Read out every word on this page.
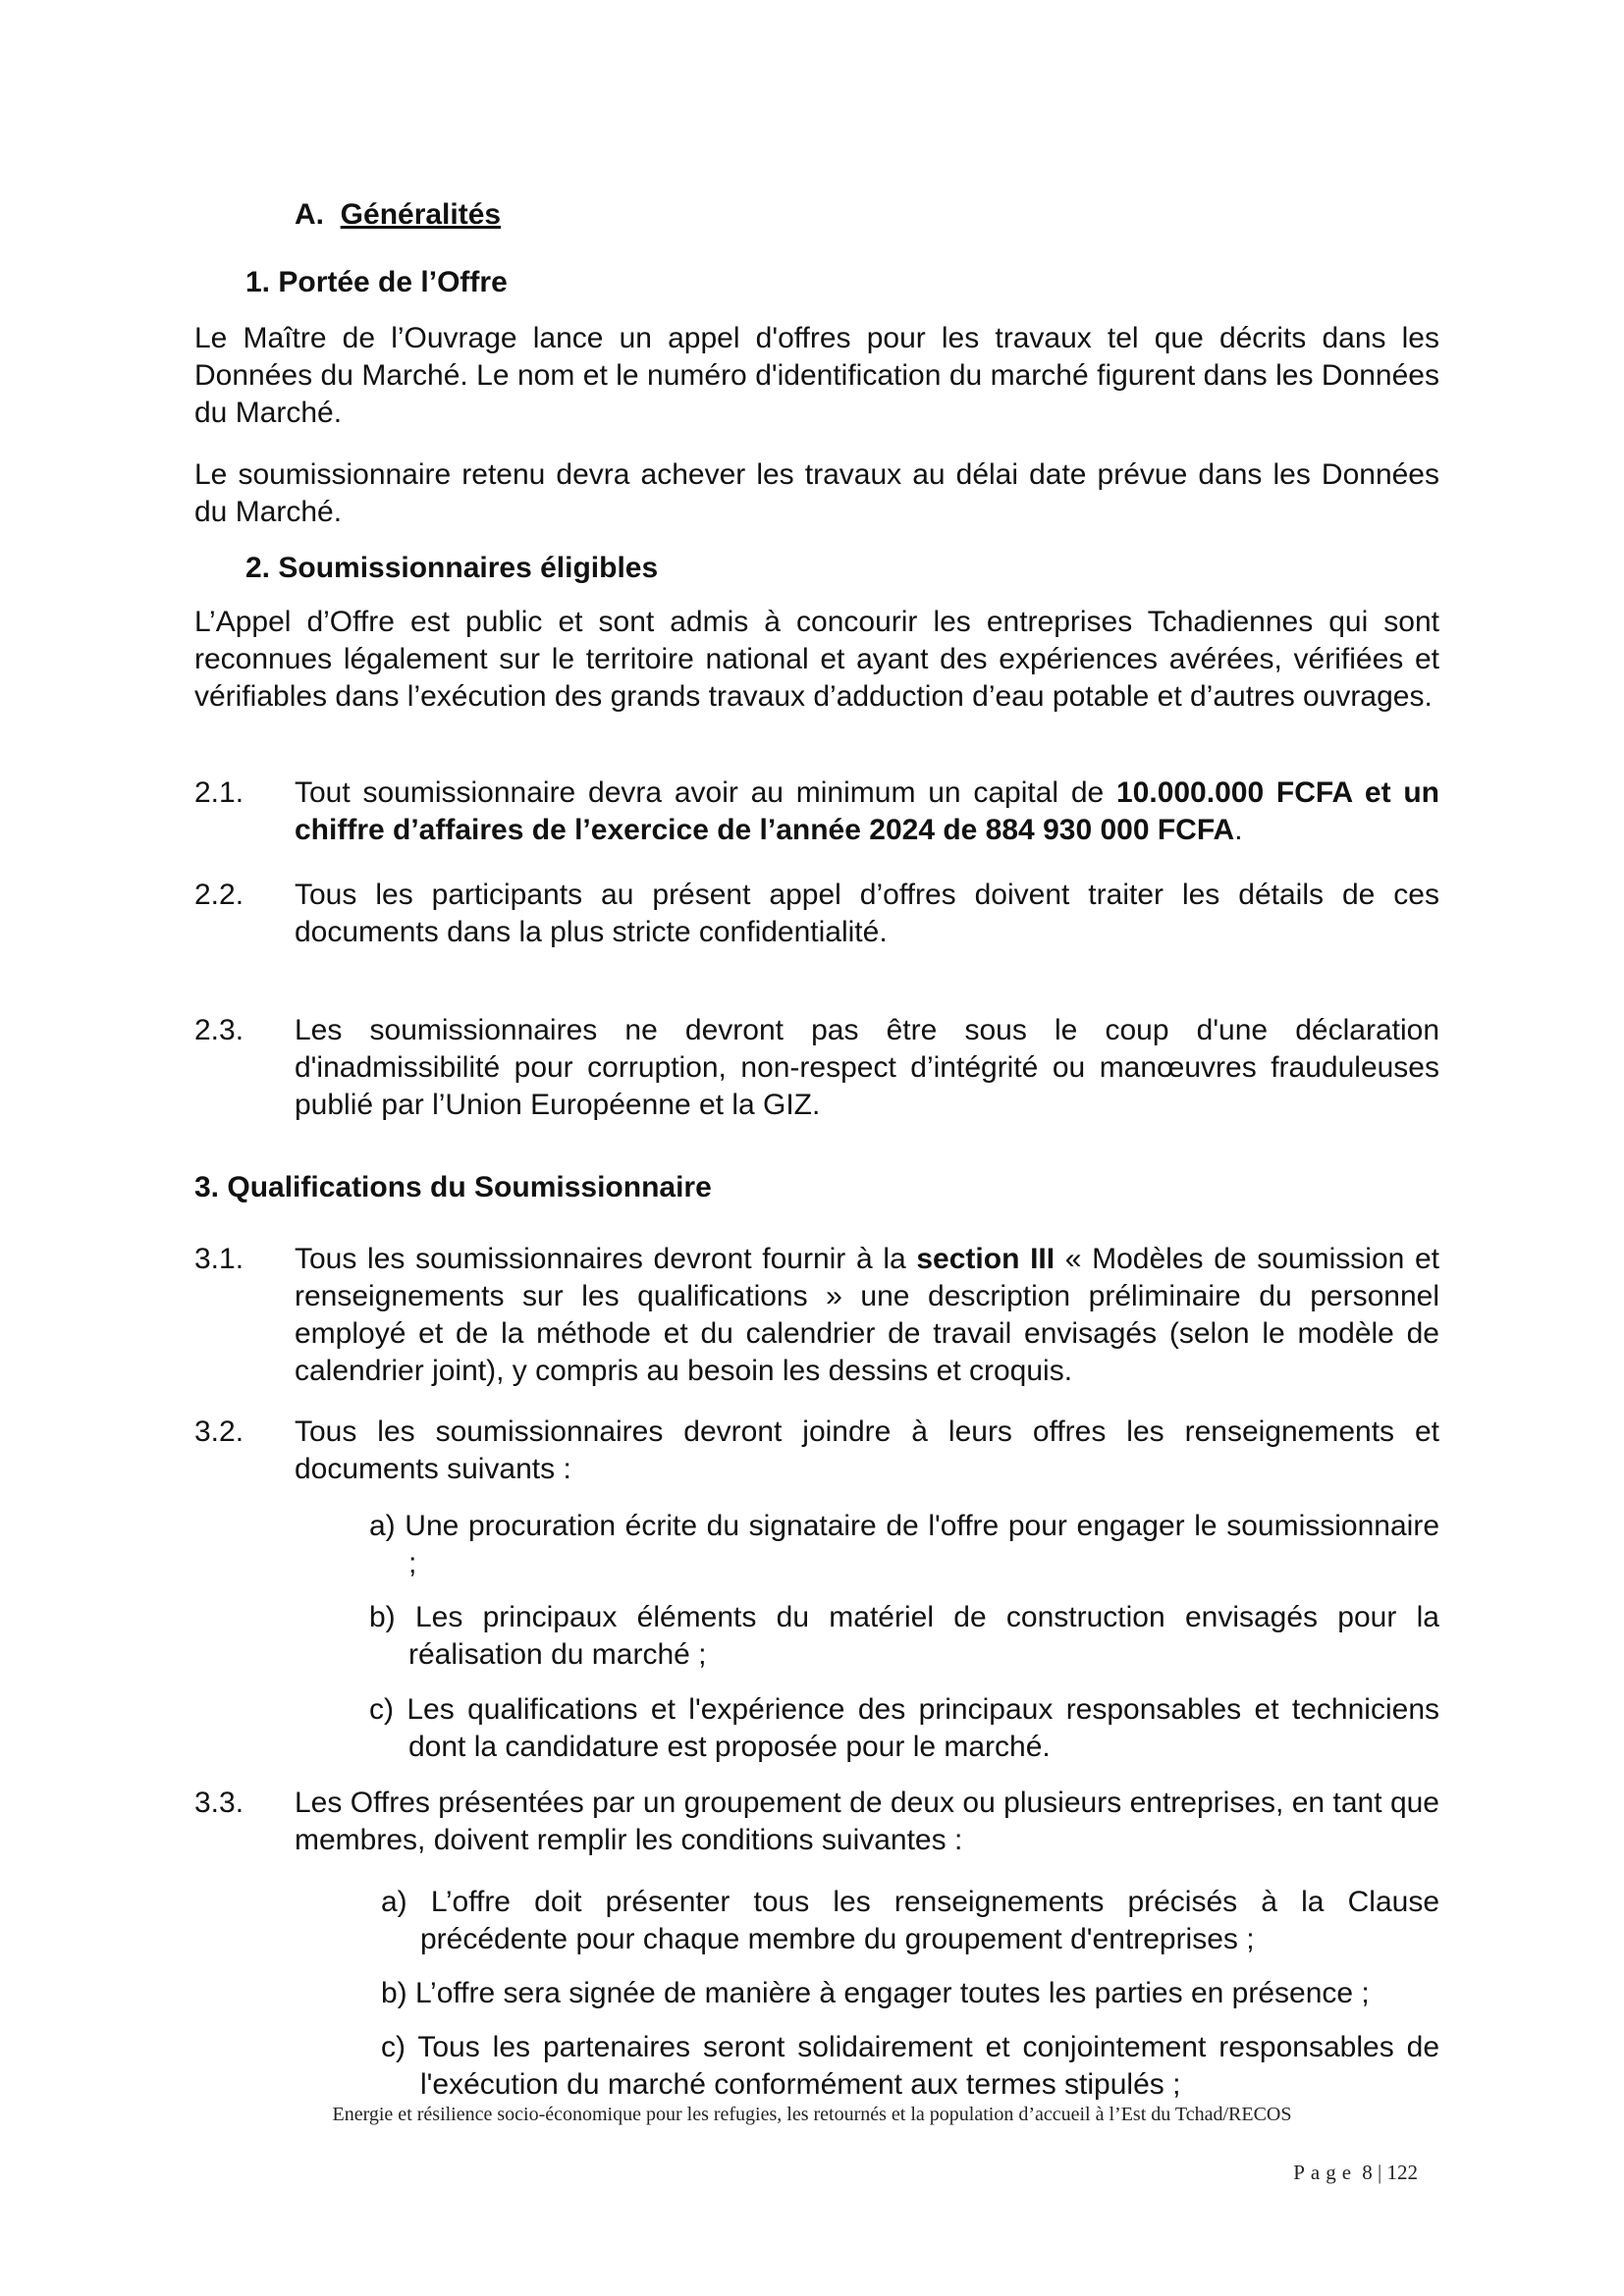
A. Généralités

1. Portée de l’Offre

Le Maître de l’Ouvrage lance un appel d'offres pour les travaux tel que décrits dans les Données du Marché. Le nom et le numéro d'identification du marché figurent dans les Données du Marché.

Le soumissionnaire retenu devra achever les travaux au délai date prévue dans les Données du Marché.

2. Soumissionnaires éligibles

L’Appel d’Offre est public et sont admis à concourir les entreprises Tchadiennes qui sont reconnues légalement sur le territoire national et ayant des expériences avérées, vérifiées et vérifiables dans l’exécution des grands travaux d’adduction d’eau potable et d’autres ouvrages.

2.1. Tout soumissionnaire devra avoir au minimum un capital de 10.000.000 FCFA et un chiffre d’affaires de l’exercice de l’année 2024 de 884 930 000 FCFA.

2.2. Tous les participants au présent appel d’offres doivent traiter les détails de ces documents dans la plus stricte confidentialité.

2.3. Les soumissionnaires ne devront pas être sous le coup d'une déclaration d'inadmissibilité pour corruption, non-respect d’intégrité ou manœuvres frauduleuses publié par l’Union Européenne et la GIZ.

3. Qualifications du Soumissionnaire

3.1. Tous les soumissionnaires devront fournir à la section III « Modèles de soumission et renseignements sur les qualifications » une description préliminaire du personnel employé et de la méthode et du calendrier de travail envisagés (selon le modèle de calendrier joint), y compris au besoin les dessins et croquis.

3.2. Tous les soumissionnaires devront joindre à leurs offres les renseignements et documents suivants :

a) Une procuration écrite du signataire de l'offre pour engager le soumissionnaire ;

b) Les principaux éléments du matériel de construction envisagés pour la réalisation du marché ;

c) Les qualifications et l'expérience des principaux responsables et techniciens dont la candidature est proposée pour le marché.

3.3. Les Offres présentées par un groupement de deux ou plusieurs entreprises, en tant que membres, doivent remplir les conditions suivantes :

a) L’offre doit présenter tous les renseignements précisés à la Clause précédente pour chaque membre du groupement d'entreprises ;

b) L’offre sera signée de manière à engager toutes les parties en présence ;

c) Tous les partenaires seront solidairement et conjointement responsables de l'exécution du marché conformément aux termes stipulés ;

Energie et résilience socio-économique pour les refugies, les retournés et la population d’accueil à l’Est du Tchad/RECOS

Page 8 | 122
